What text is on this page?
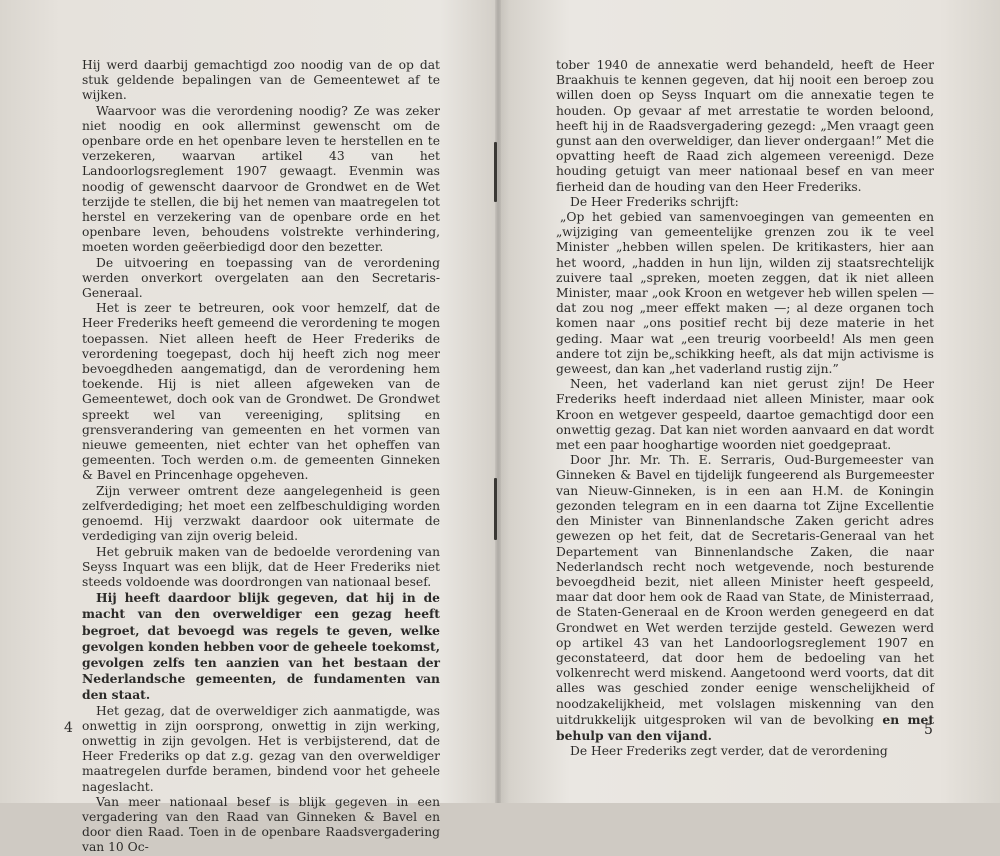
Hij werd daarbij gemachtigd zoo noodig van de op dat stuk geldende bepalingen van de Gemeentewet af te wijken.

Waarvoor was die verordening noodig? Ze was zeker niet noodig en ook allerminst gewenscht om de openbare orde en het openbare leven te herstellen en te verzekeren, waarvan artikel 43 van het Landoorlogsreglement 1907 gewaagt. Evenmin was noodig of gewenscht daarvoor de Grondwet en de Wet terzijde te stellen, die bij het nemen van maatregelen tot herstel en verzekering van de openbare orde en het openbare leven, behoudens volstrekte verhindering, moeten worden geëerbiedigd door den bezetter.

De uitvoering en toepassing van de verordening werden onverkort overgelaten aan den Secretaris-Generaal.

Het is zeer te betreuren, ook voor hemzelf, dat de Heer Frederiks heeft gemeend die verordening te mogen toepassen. Niet alleen heeft de Heer Frederiks de verordening toegepast, doch hij heeft zich nog meer bevoegdheden aangematigd, dan de verordening hem toekende. Hij is niet alleen afgeweken van de Gemeentewet, doch ook van de Grondwet. De Grondwet spreekt wel van vereeniging, splitsing en grensverandering van gemeenten en het vormen van nieuwe gemeenten, niet echter van het opheffen van gemeenten. Toch werden o.m. de gemeenten Ginneken & Bavel en Princenhage opgeheven.

Zijn verweer omtrent deze aangelegenheid is geen zelfverdediging; het moet een zelfbeschuldiging worden genoemd. Hij verzwakt daardoor ook uitermate de verdediging van zijn overig beleid.

Het gebruik maken van de bedoelde verordening van Seyss Inquart was een blijk, dat de Heer Frederiks niet steeds voldoende was doordrongen van nationaal besef.

Hij heeft daardoor blijk gegeven, dat hij in de macht van den overweldiger een gezag heeft begroet, dat bevoegd was regels te geven, welke gevolgen konden hebben voor de geheele toekomst, gevolgen zelfs ten aanzien van het bestaan der Nederlandsche gemeenten, de fundamenten van den staat.

Het gezag, dat de overweldiger zich aanmatigde, was onwettig in zijn oorsprong, onwettig in zijn werking, onwettig in zijn gevolgen. Het is verbijsterend, dat de Heer Frederiks op dat z.g. gezag van den overweldiger maatregelen durfde beramen, bindend voor het geheele nageslacht.

Van meer nationaal besef is blijk gegeven in een vergadering van den Raad van Ginneken & Bavel en door dien Raad. Toen in de openbare Raadsvergadering van 10 Oc-

4

tober 1940 de annexatie werd behandeld, heeft de Heer Braakhuis te kennen gegeven, dat hij nooit een beroep zou willen doen op Seyss Inquart om die annexatie tegen te houden. Op gevaar af met arrestatie te worden beloond, heeft hij in de Raadsvergadering gezegd: „Men vraagt geen gunst aan den overweldiger, dan liever ondergaan!” Met die opvatting heeft de Raad zich algemeen vereenigd. Deze houding getuigt van meer nationaal besef en van meer fierheid dan de houding van den Heer Frederiks.

De Heer Frederiks schrijft:

„Op het gebied van samenvoegingen van gemeenten en „wijziging van gemeentelijke grenzen zou ik te veel Minister „hebben willen spelen. De kritikasters, hier aan het woord, „hadden in hun lijn, wilden zij staatsrechtelijk zuivere taal „spreken, moeten zeggen, dat ik niet alleen Minister, maar „ook Kroon en wetgever heb willen spelen — dat zou nog „meer effekt maken —; al deze organen toch komen naar „ons positief recht bij deze materie in het geding. Maar wat „een treurig voorbeeld! Als men geen andere tot zijn be„schikking heeft, als dat mijn activisme is geweest, dan kan „het vaderland rustig zijn.”

Neen, het vaderland kan niet gerust zijn! De Heer Frederiks heeft inderdaad niet alleen Minister, maar ook Kroon en wetgever gespeeld, daartoe gemachtigd door een onwettig gezag. Dat kan niet worden aanvaard en dat wordt met een paar hooghartige woorden niet goedgepraat.

Door Jhr. Mr. Th. E. Serraris, Oud-Burgemeester van Ginneken & Bavel en tijdelijk fungeerend als Burgemeester van Nieuw-Ginneken, is in een aan H.M. de Koningin gezonden telegram en in een daarna tot Zijne Excellentie den Minister van Binnenlandsche Zaken gericht adres gewezen op het feit, dat de Secretaris-Generaal van het Departement van Binnenlandsche Zaken, die naar Nederlandsch recht noch wetgevende, noch besturende bevoegdheid bezit, niet alleen Minister heeft gespeeld, maar dat door hem ook de Raad van State, de Ministerraad, de Staten-Generaal en de Kroon werden genegeerd en dat Grondwet en Wet werden terzijde gesteld. Gewezen werd op artikel 43 van het Landoorlogsreglement 1907 en geconstateerd, dat door hem de bedoeling van het volkenrecht werd miskend. Aangetoond werd voorts, dat dit alles was geschied zonder eenige wenschelijkheid of noodzakelijkheid, met volslagen miskenning van den uitdrukkelijk uitgesproken wil van de bevolking en met behulp van den vijand.

De Heer Frederiks zegt verder, dat de verordening

5
